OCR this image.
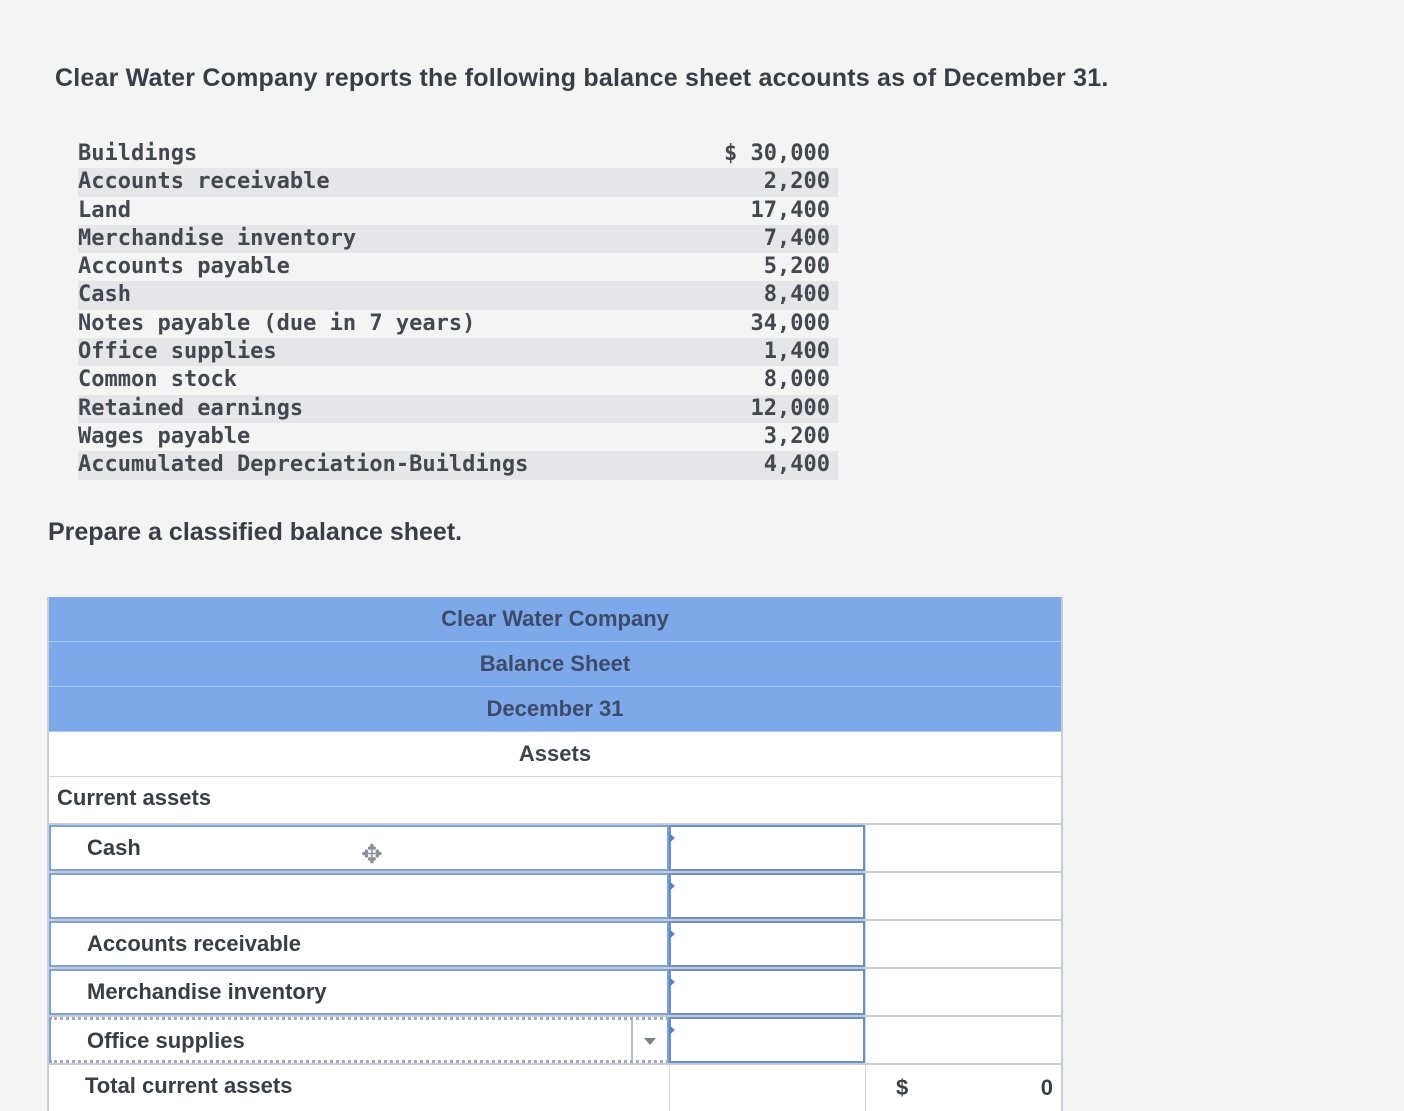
Clear Water Company reports the following balance sheet accounts as of December 31.
Buildings	$ 30,000
Accounts receivable	2,200
Land	17,400
Merchandise inventory	7,400
Accounts payable	5,200
Cash	8,400
Notes payable (due in 7 years)	34,000
Office supplies	1,400
Common stock	8,000
Retained earnings	12,000
Wages payable	3,200
Accumulated Depreciation-Buildings	4,400
Prepare a classified balance sheet.
Clear Water Company
Balance Sheet
December 31
Assets
Current assets
Cash	✥
Accounts receivable
Merchandise inventory
Office supplies
Total current assets	$	0
